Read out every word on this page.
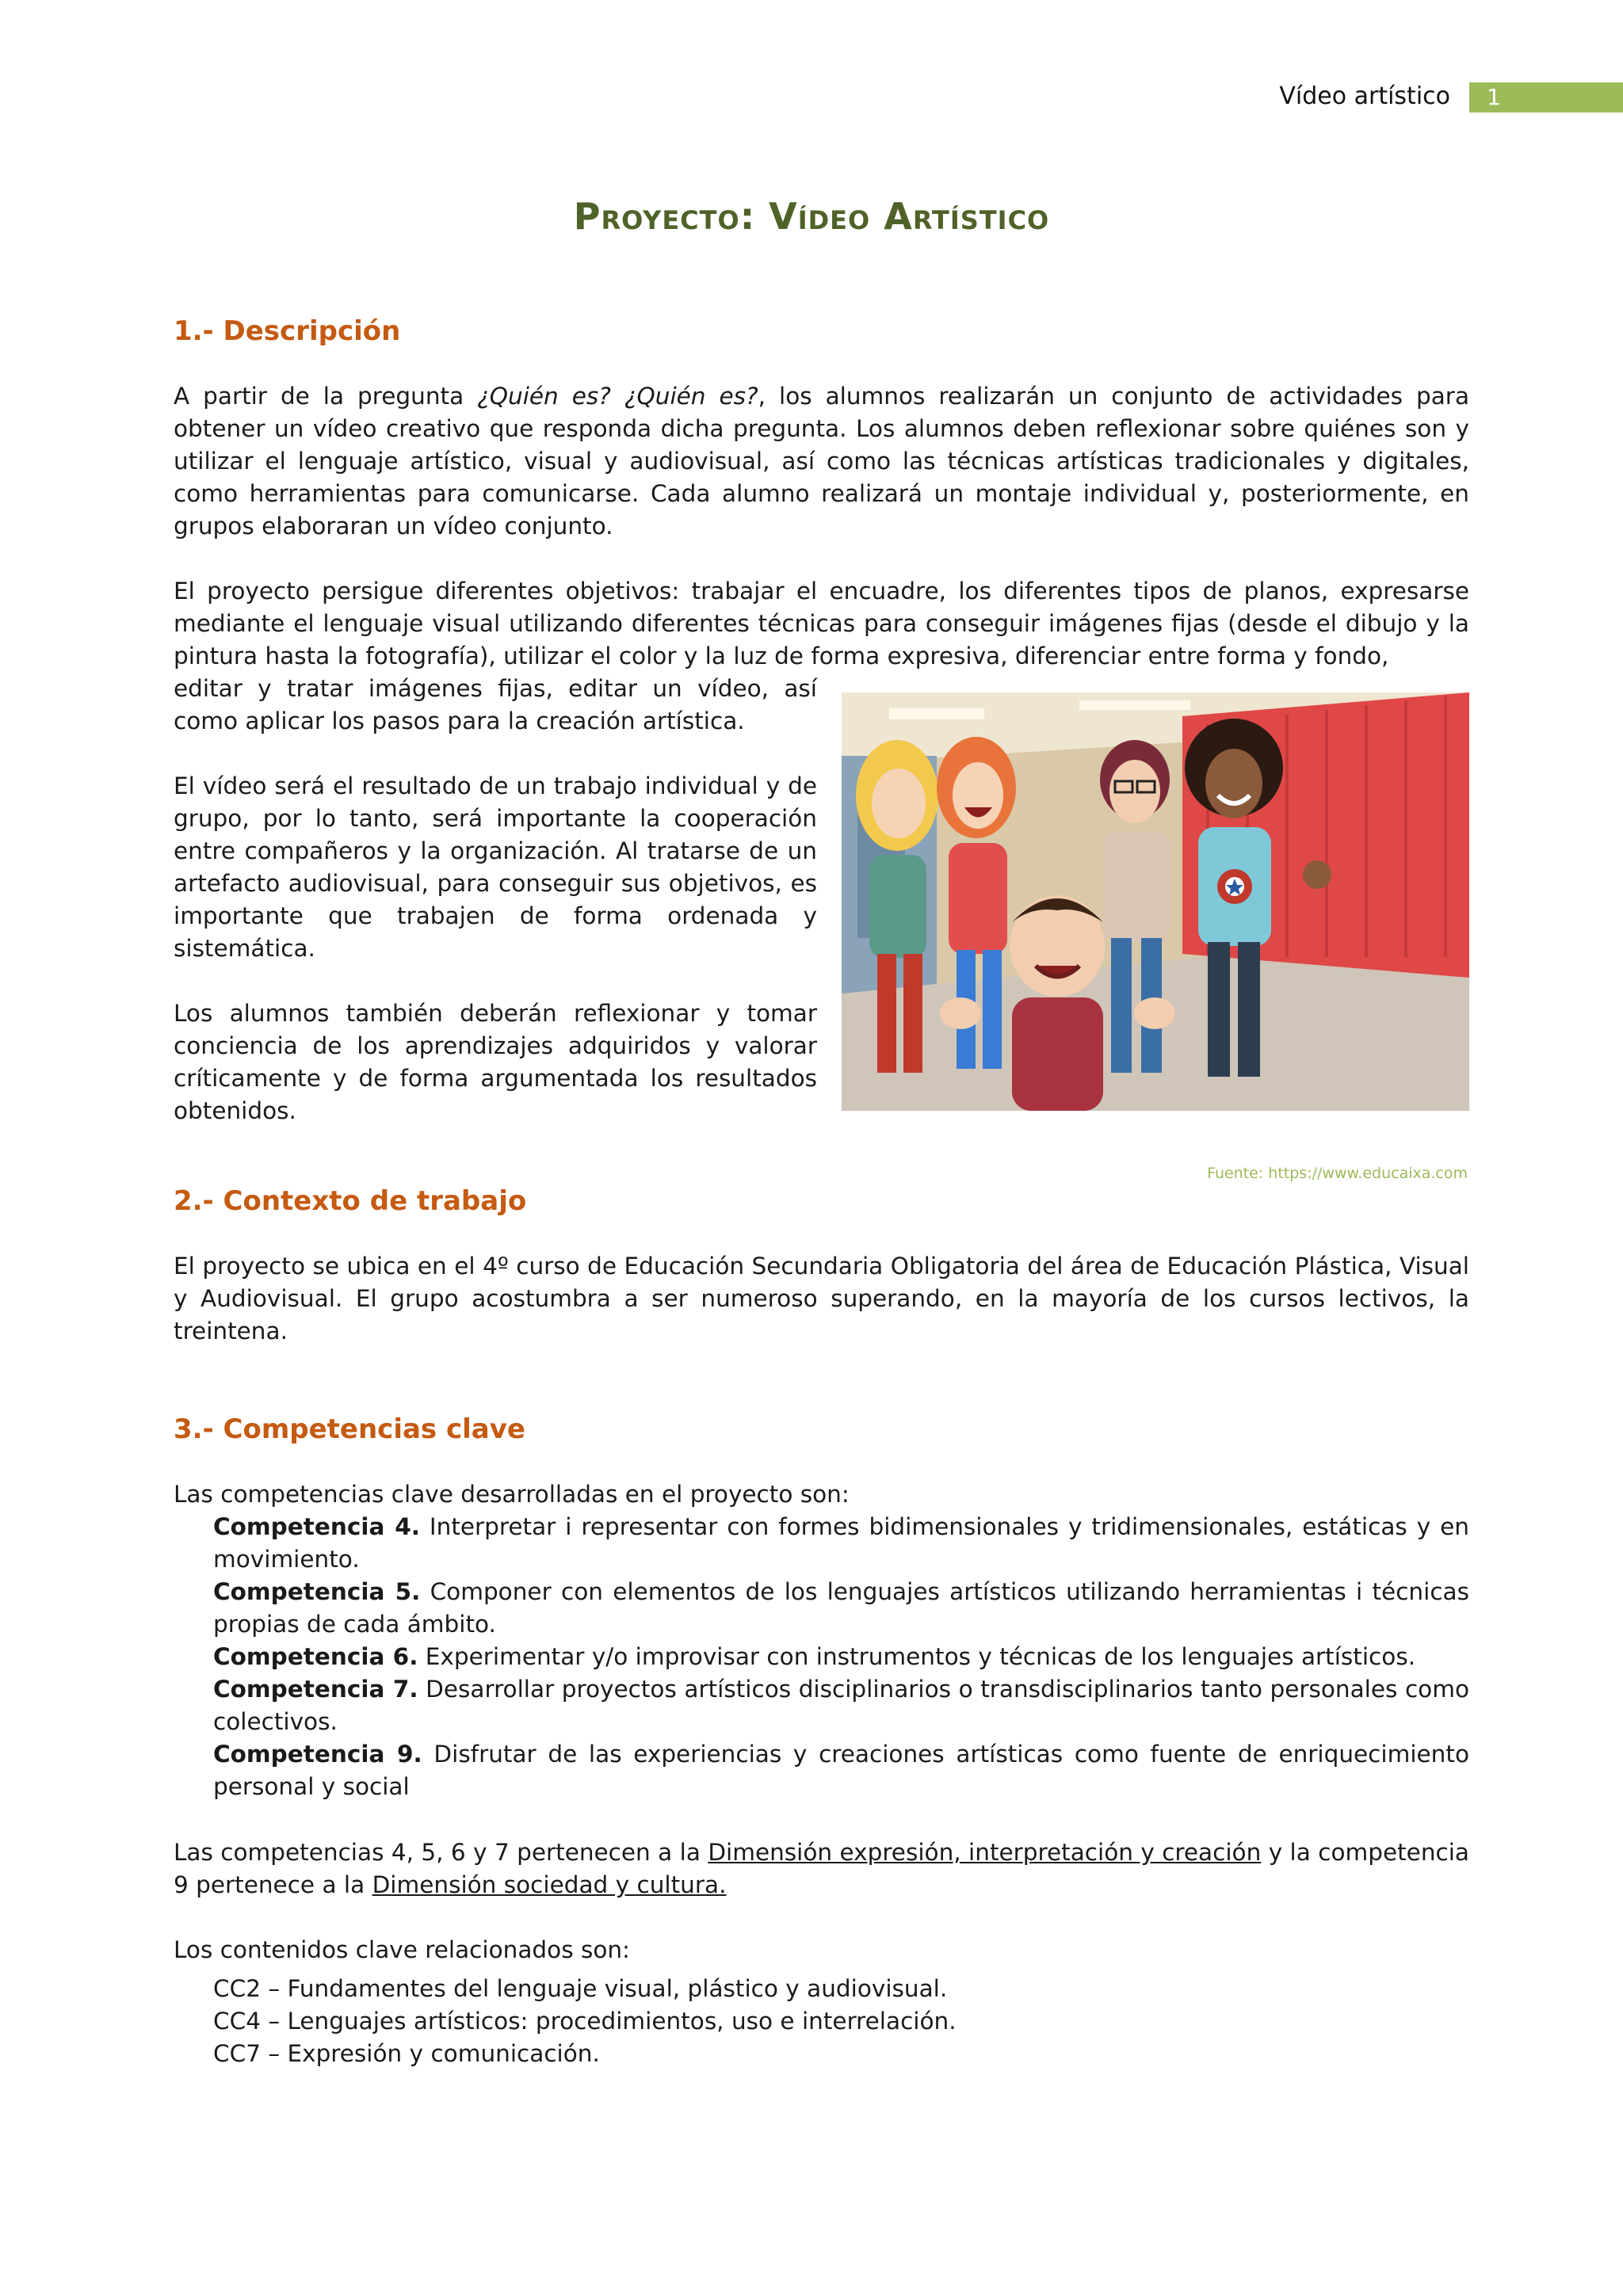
Vídeo artístico	1
Proyecto: Vídeo Artístico
1.- Descripción

A partir de la pregunta ¿Quién es? ¿Quién es?, los alumnos realizarán un conjunto de actividades para obtener un vídeo creativo que responda dicha pregunta. Los alumnos deben reflexionar sobre quiénes son y utilizar el lenguaje artístico, visual y audiovisual, así como las técnicas artísticas tradicionales y digitales, como herramientas para comunicarse. Cada alumno realizará un montaje individual y, posteriormente, en grupos elaboraran un vídeo conjunto.

El proyecto persigue diferentes objetivos: trabajar el encuadre, los diferentes tipos de planos, expresarse mediante el lenguaje visual utilizando diferentes técnicas para conseguir imágenes fijas (desde el dibujo y la pintura hasta la fotografía), utilizar el color y la luz de forma expresiva, diferenciar entre forma y fondo,

editar y tratar imágenes fijas, editar un vídeo, así como aplicar los pasos para la creación artística.

El vídeo será el resultado de un trabajo individual y de grupo, por lo tanto, será importante la cooperación entre compañeros y la organización. Al tratarse de un artefacto audiovisual, para conseguir sus objetivos, es importante que trabajen de forma ordenada y sistemática.

Los alumnos también deberán reflexionar y tomar conciencia de los aprendizajes adquiridos y valorar críticamente y de forma argumentada los resultados obtenidos.

Fuente: https://www.educaixa.com
2.- Contexto de trabajo

El proyecto se ubica en el 4º curso de Educación Secundaria Obligatoria del área de Educación Plástica, Visual y Audiovisual. El grupo acostumbra a ser numeroso superando, en la mayoría de los cursos lectivos, la treintena.

3.- Competencias clave

Las competencias clave desarrolladas en el proyecto son:

Competencia 4. Interpretar i representar con formes bidimensionales y tridimensionales, estáticas y en movimiento.

Competencia 5. Componer con elementos de los lenguajes artísticos utilizando herramientas i técnicas propias de cada ámbito.

Competencia 6. Experimentar y/o improvisar con instrumentos y técnicas de los lenguajes artísticos.

Competencia 7. Desarrollar proyectos artísticos disciplinarios o transdisciplinarios tanto personales como colectivos.

Competencia 9. Disfrutar de las experiencias y creaciones artísticas como fuente de enriquecimiento personal y social

Las competencias 4, 5, 6 y 7 pertenecen a la Dimensión expresión, interpretación y creación y la competencia 9 pertenece a la Dimensión sociedad y cultura.

Los contenidos clave relacionados son:

CC2 – Fundamentes del lenguaje visual, plástico y audiovisual.

CC4 – Lenguajes artísticos: procedimientos, uso e interrelación.

CC7 – Expresión y comunicación.
